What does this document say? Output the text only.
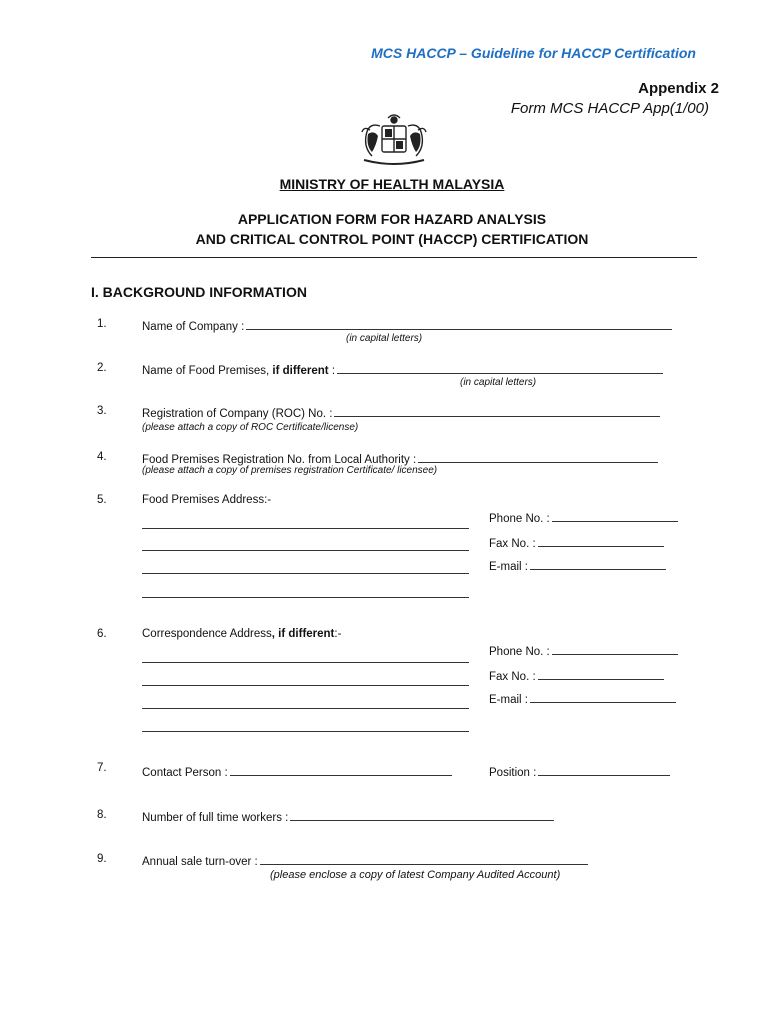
MCS HACCP – Guideline for HACCP Certification
Appendix 2
Form MCS HACCP App(1/00)
MINISTRY OF HEALTH MALAYSIA
APPLICATION FORM FOR HAZARD ANALYSIS
AND CRITICAL CONTROL POINT (HACCP) CERTIFICATION
I. BACKGROUND INFORMATION
1.	Name of Company :
(in capital letters)
2.	Name of Food Premises, if different :
(in capital letters)
3.	Registration of Company (ROC) No. :
(please attach a copy of ROC Certificate/license)
4.	Food Premises Registration No. from Local Authority :
(please attach a copy of premises registration Certificate/ licensee)
5.	Food Premises Address:-
Phone No. :
Fax No. :
E-mail :
6.	Correspondence Address, if different:-
Phone No. :
Fax No. :
E-mail :
7.	Contact Person :	Position :
8.	Number of full time workers :
9.	Annual sale turn-over :
(please enclose a copy of latest Company Audited Account)
